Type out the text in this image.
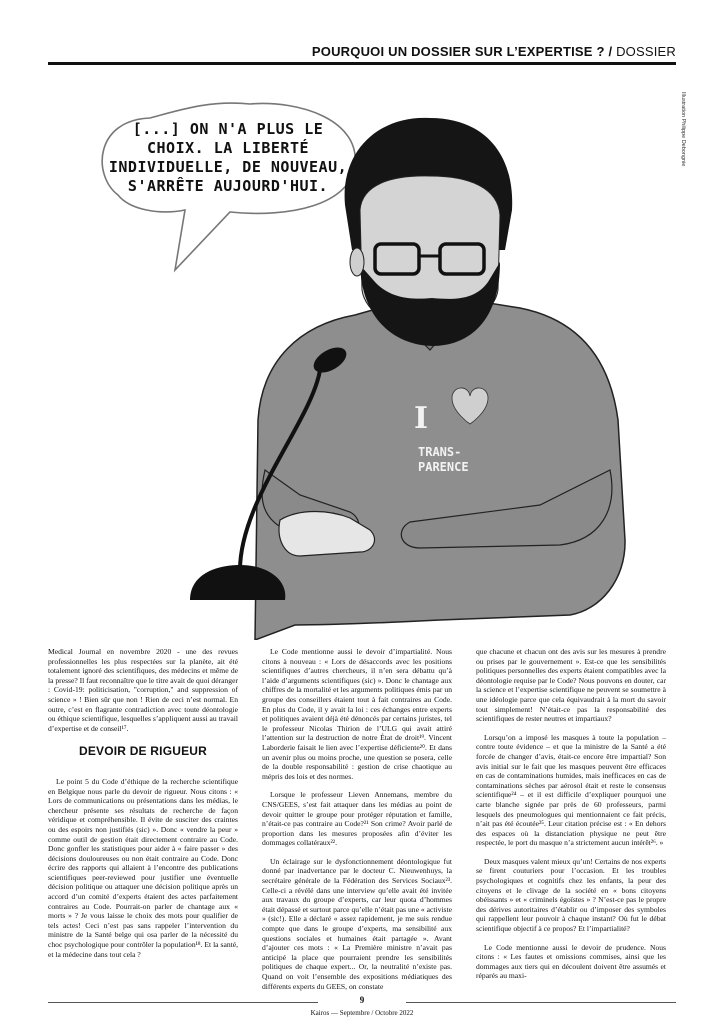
POURQUOI UN DOSSIER SUR L’EXPERTISE ? / DOSSIER
Illustration Philippe Debongnie
I
TRANS-
PARENCE
[...] ON N'A PLUS LE CHOIX. LA LIBERTÉ INDIVIDUELLE, DE NOUVEAU, S'ARRÊTE AUJOURD'HUI.

Medical Journal en novembre 2020 - une des revues professionnelles les plus respectées sur la planète, ait été totalement ignoré des scientifiques, des médecins et même de la presse? Il faut reconnaître que le titre avait de quoi déranger : Covid-19: politicisation, "corruption," and suppression of science » ! Bien sûr que non ! Rien de ceci n’est normal. En outre, c’est en flagrante contradiction avec toute déontologie ou éthique scientifique, lesquelles s’appliquent aussi au travail d’expertise et de conseil¹⁷.

DEVOIR DE RIGUEUR

Le point 5 du Code d’éthique de la recherche scientifique en Belgique nous parle du devoir de rigueur. Nous citons : « Lors de communications ou présentations dans les médias, le chercheur présente ses résultats de recherche de façon véridique et compréhensible. Il évite de susciter des craintes ou des espoirs non justifiés (sic) ». Donc « vendre la peur » comme outil de gestion était directement contraire au Code. Donc gonfler les statistiques pour aider à « faire passer » des décisions douloureuses ou non était contraire au Code. Donc écrire des rapports qui allaient à l’encontre des publications scientifiques peer-reviewed pour justifier une éventuelle décision politique ou attaquer une décision politique après un accord d’un comité d’experts étaient des actes parfaitement contraires au Code. Pourrait-on parler de chantage aux « morts » ? Je vous laisse le choix des mots pour qualifier de tels actes! Ceci n’est pas sans rappeler l’intervention du ministre de la Santé belge qui osa parler de la nécessité du choc psychologique pour contrôler la population¹⁸. Et la santé, et la médecine dans tout cela ?

Le Code mentionne aussi le devoir d’impartialité. Nous citons à nouveau : « Lors de désaccords avec les positions scientifiques d’autres chercheurs, il n’en sera débattu qu’à l’aide d’arguments scientifiques (sic) ». Donc le chantage aux chiffres de la mortalité et les arguments politiques émis par un groupe des conseillers étaient tout à fait contraires au Code. En plus du Code, il y avait la loi : ces échanges entre experts et politiques avaient déjà été dénoncés par certains juristes, tel le professeur Nicolas Thirion de l’ULG qui avait attiré l’attention sur la destruction de notre État de droit¹⁹. Vincent Laborderie faisait le lien avec l’expertise déficiente²⁰. Et dans un avenir plus ou moins proche, une question se posera, celle de la double responsabilité : gestion de crise chaotique au mépris des lois et des normes.

Lorsque le professeur Lieven Annemans, membre du CNS/GEES, s’est fait attaquer dans les médias au point de devoir quitter le groupe pour protéger réputation et famille, n’était-ce pas contraire au Code?²¹ Son crime? Avoir parlé de proportion dans les mesures proposées afin d’éviter les dommages collatéraux²².

Un éclairage sur le dysfonctionnement déontologique fut donné par inadvertance par le docteur C. Nieuwenhuys, la secrétaire générale de la Fédération des Services Sociaux²³. Celle-ci a révélé dans une interview qu’elle avait été invitée aux travaux du groupe d’experts, car leur quota d’hommes était dépassé et surtout parce qu’elle n’était pas une « activiste » (sic!). Elle a déclaré « assez rapidement, je me suis rendue compte que dans le groupe d’experts, ma sensibilité aux questions sociales et humaines était partagée ». Avant d’ajouter ces mots : « La Première ministre n’avait pas anticipé la place que pourraient prendre les sensibilités politiques de chaque expert... Or, la neutralité n’existe pas. Quand on voit l’ensemble des expositions médiatiques des différents experts du GEES, on constate

que chacune et chacun ont des avis sur les mesures à prendre ou prises par le gouvernement ». Est-ce que les sensibilités politiques personnelles des experts étaient compatibles avec la déontologie requise par le Code? Nous pouvons en douter, car la science et l’expertise scientifique ne peuvent se soumettre à une idéologie parce que cela équivaudrait à la mort du savoir tout simplement! N’était-ce pas la responsabilité des scientifiques de rester neutres et impartiaux?

Lorsqu’on a imposé les masques à toute la population – contre toute évidence – et que la ministre de la Santé a été forcée de changer d’avis, était-ce encore être impartial? Son avis initial sur le fait que les masques peuvent être efficaces en cas de contaminations humides, mais inefficaces en cas de contaminations sèches par aérosol était et reste le consensus scientifique²⁴ – et il est difficile d’expliquer pourquoi une carte blanche signée par près de 60 professeurs, parmi lesquels des pneumologues qui mentionnaient ce fait précis, n’ait pas été écoutée²⁵. Leur citation précise est : « En dehors des espaces où la distanciation physique ne peut être respectée, le port du masque n’a strictement aucun intérêt²⁶. »

Deux masques valent mieux qu’un! Certains de nos experts se firent couturiers pour l’occasion. Et les troubles psychologiques et cognitifs chez les enfants, la peur des citoyens et le clivage de la société en « bons citoyens obéissants » et « criminels égoïstes » ? N’est-ce pas le propre des dérives autoritaires d’établir ou d’imposer des symboles qui rappellent leur pouvoir à chaque instant? Où fut le débat scientifique objectif à ce propos? Et l’impartialité?

Le Code mentionne aussi le devoir de prudence. Nous citons : « Les fautes et omissions commises, ainsi que les dommages aux tiers qui en découlent doivent être assumés et réparés au maxi-

9
Kairos — Septembre / Octobre 2022
